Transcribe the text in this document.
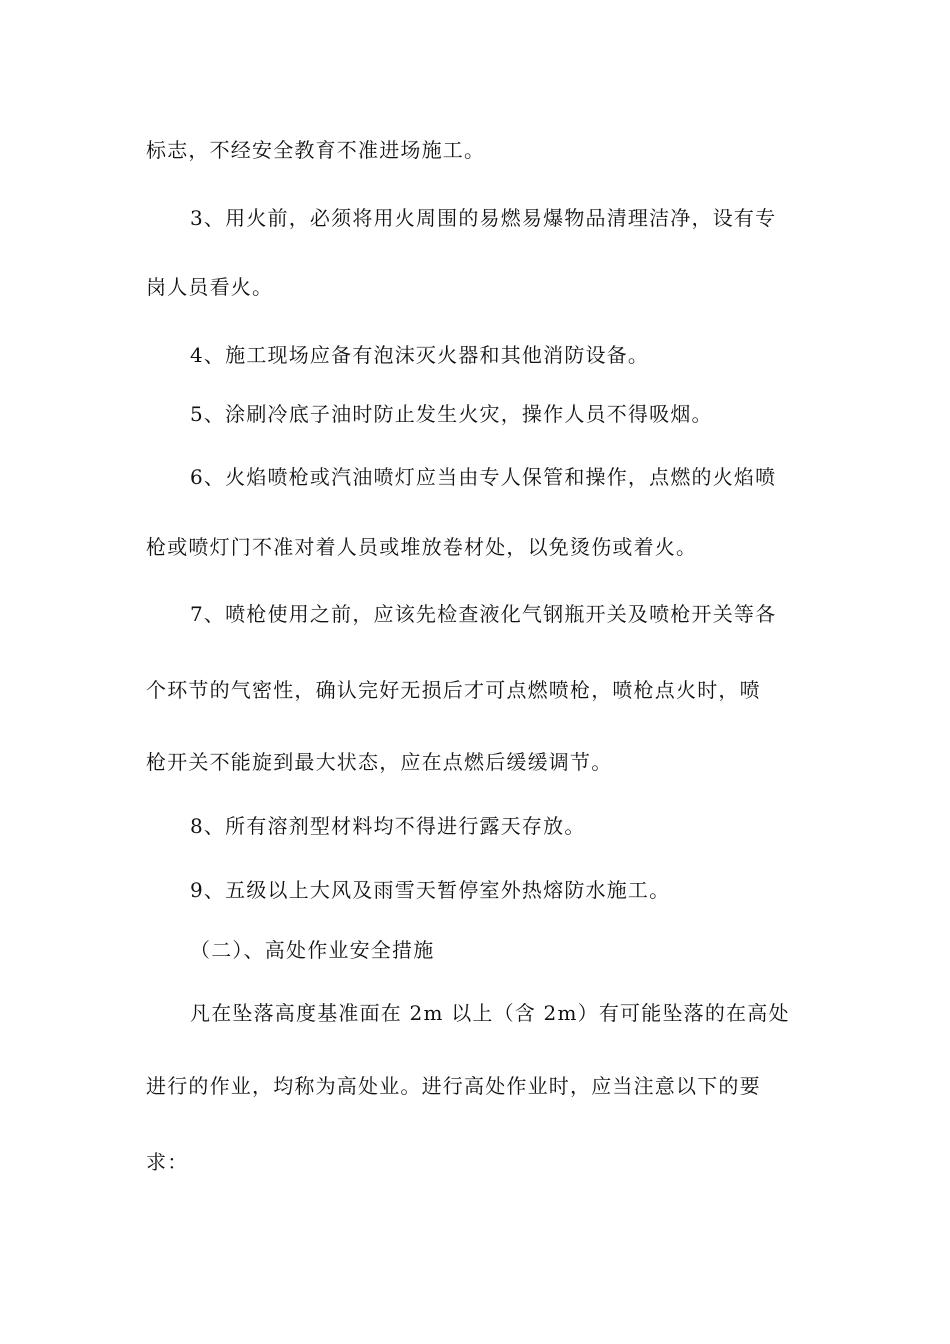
标志，不经安全教育不准进场施工。
3、用火前，必须将用火周围的易燃易爆物品清理洁净，设有专
岗人员看火。
4、施工现场应备有泡沫灭火器和其他消防设备。
5、涂刷冷底子油时防止发生火灾，操作人员不得吸烟。
6、火焰喷枪或汽油喷灯应当由专人保管和操作，点燃的火焰喷
枪或喷灯门不准对着人员或堆放卷材处，以免烫伤或着火。
7、喷枪使用之前，应该先检查液化气钢瓶开关及喷枪开关等各
个环节的气密性，确认完好无损后才可点燃喷枪，喷枪点火时，喷
枪开关不能旋到最大状态，应在点燃后缓缓调节。
8、所有溶剂型材料均不得进行露天存放。
9、五级以上大风及雨雪天暂停室外热熔防水施工。
（二）、高处作业安全措施
凡在坠落高度基准面在 2m 以上（含 2m）有可能坠落的在高处
进行的作业，均称为高处业。进行高处作业时，应当注意以下的要
求：
